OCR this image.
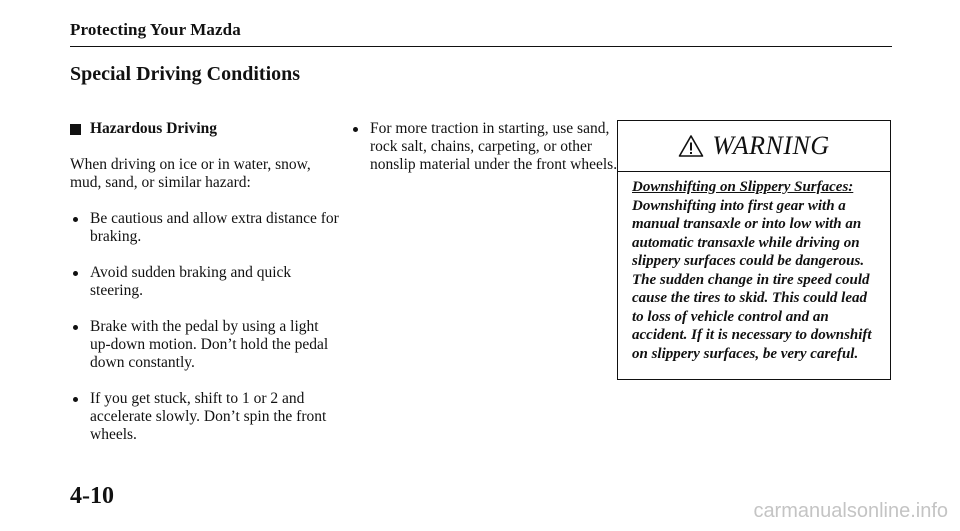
Protecting Your Mazda
Special Driving Conditions
Hazardous Driving
When driving on ice or in water, snow, mud, sand, or similar hazard:
Be cautious and allow extra distance for braking.
Avoid sudden braking and quick steering.
Brake with the pedal by using a light up-down motion. Don’t hold the pedal down constantly.
If you get stuck, shift to 1 or 2 and accelerate slowly. Don’t spin the front wheels.
For more traction in starting, use sand, rock salt, chains, carpeting, or other nonslip material under the front wheels.
WARNING
Downshifting on Slippery Surfaces:
Downshifting into first gear with a manual transaxle or into low with an automatic transaxle while driving on slippery surfaces could be dangerous. The sudden change in tire speed could cause the tires to skid. This could lead to loss of vehicle control and an accident. If it is necessary to downshift on slippery surfaces, be very careful.
4-10
carmanualsonline.info
